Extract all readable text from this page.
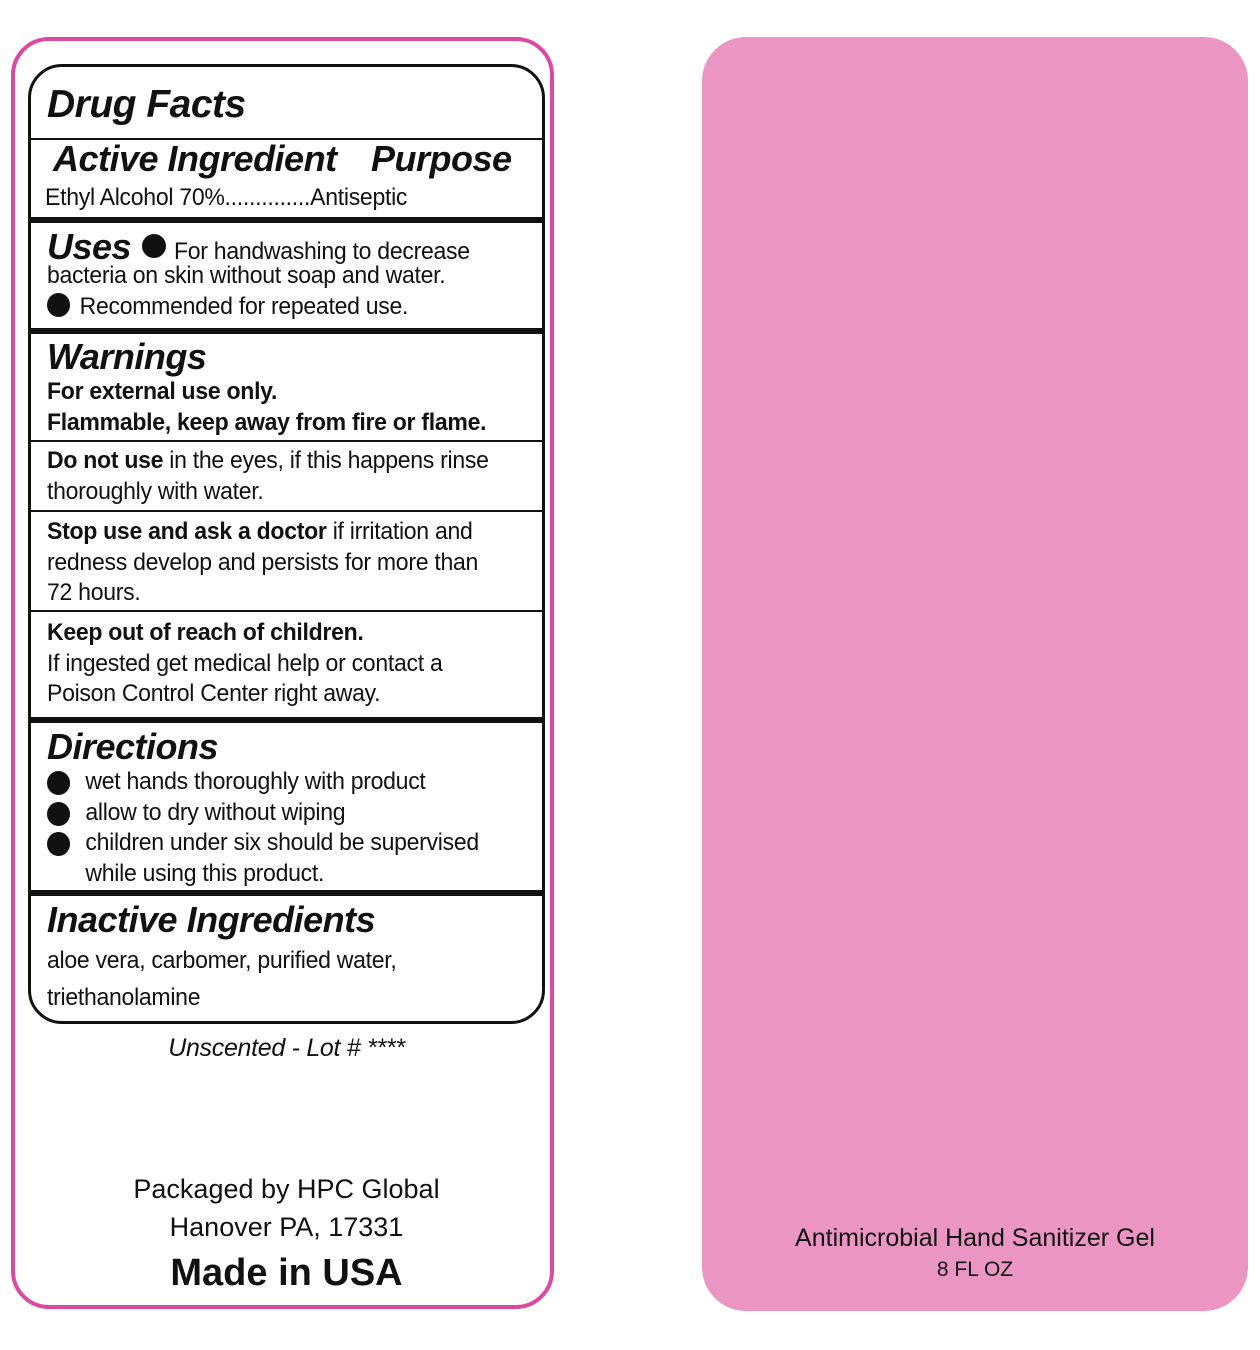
Drug Facts
Active Ingredient Purpose
Ethyl Alcohol 70%..............Antiseptic
Uses For handwashing to decrease
bacteria on skin without soap and water.
Recommended for repeated use.
Warnings
For external use only.
Flammable, keep away from fire or flame.
Do not use in the eyes, if this happens rinse
thoroughly with water.
Stop use and ask a doctor if irritation and
redness develop and persists for more than
72 hours.
Keep out of reach of children.
If ingested get medical help or contact a
Poison Control Center right away.
Directions
wet hands thoroughly with product
allow to dry without wiping
children under six should be supervised
while using this product.
Inactive Ingredients
aloe vera, carbomer, purified water,
triethanolamine
Unscented - Lot # ****
Packaged by HPC Global
Hanover PA, 17331
Made in USA
Antimicrobial Hand Sanitizer Gel
8 FL OZ
